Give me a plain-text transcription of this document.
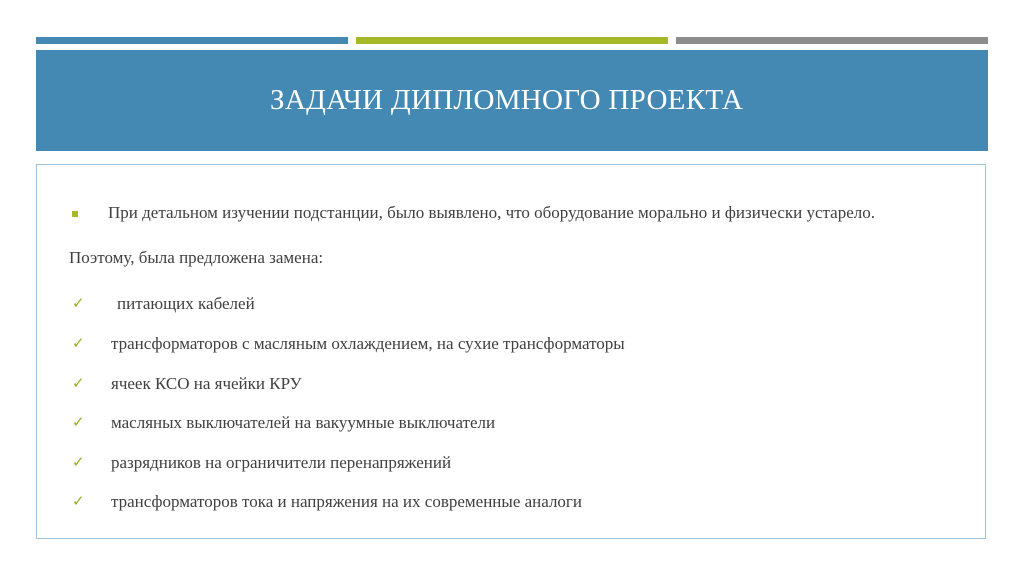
ЗАДАЧИ ДИПЛОМНОГО ПРОЕКТА
При детальном изучении подстанции, было выявлено, что оборудование морально и физически устарело.
Поэтому, была предложена замена:
✓ питающих кабелей
✓ трансформаторов с масляным охлаждением, на сухие трансформаторы
✓ ячеек КСО на ячейки КРУ
✓ масляных выключателей на вакуумные выключатели
✓ разрядников на ограничители перенапряжений
✓ трансформаторов тока и напряжения на их современные аналоги
